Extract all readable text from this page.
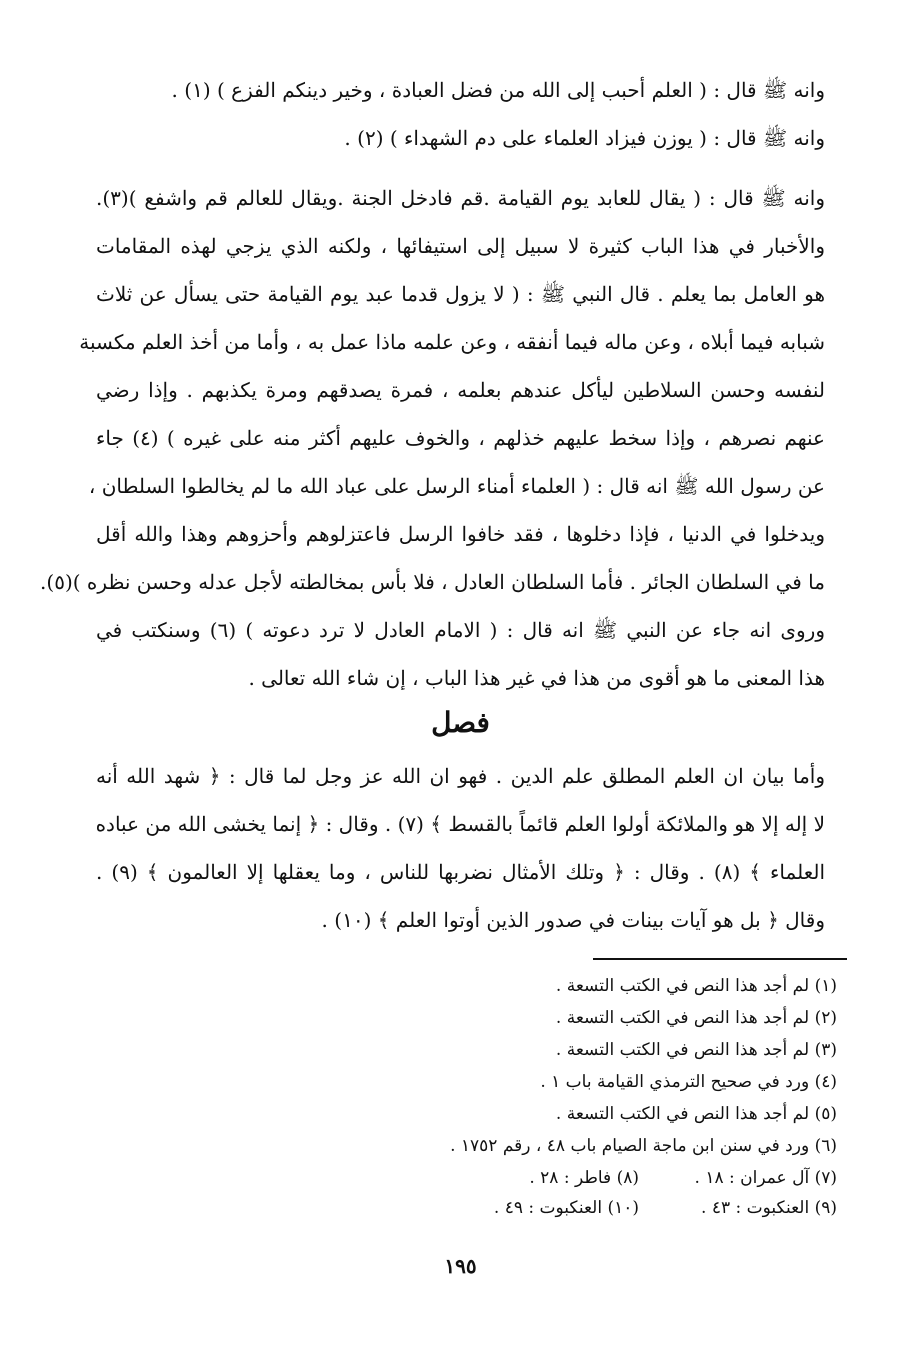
وانه ﷺ قال : ( العلم أحبب إلى الله من فضل العبادة ، وخير دينكم الفزع ) (١) .
وانه ﷺ قال : ( يوزن فيزاد العلماء على دم الشهداء ) (٢) .
وانه ﷺ قال : ( يقال للعابد يوم القيامة .قم فادخل الجنة .ويقال للعالم قم واشفع )(٣).
والأخبار في هذا الباب كثيرة لا سبيل إلى استيفائها ، ولكنه الذي يزجي لهذه المقامات
هو العامل بما يعلم . قال النبي ﷺ : ( لا يزول قدما عبد يوم القيامة حتى يسأل عن ثلاث
شبابه فيما أبلاه ، وعن ماله فيما أنفقه ، وعن علمه ماذا عمل به ، وأما من أخذ العلم مكسبة
لنفسه وحسن السلاطين ليأكل عندهم بعلمه ، فمرة يصدقهم ومرة يكذبهم . وإذا رضي
عنهم نصرهم ، وإذا سخط عليهم خذلهم ، والخوف عليهم أكثر منه على غيره ) (٤) جاء
عن رسول الله ﷺ انه قال : ( العلماء أمناء الرسل على عباد الله ما لم يخالطوا السلطان ،
ويدخلوا في الدنيا ، فإذا دخلوها ، فقد خافوا الرسل فاعتزلوهم وأحزوهم وهذا والله أقل
ما في السلطان الجائر . فأما السلطان العادل ، فلا بأس بمخالطته لأجل عدله وحسن نظره )(٥).
وروى انه جاء عن النبي ﷺ انه قال : ( الامام العادل لا ترد دعوته ) (٦) وسنكتب في
هذا المعنى ما هو أقوى من هذا في غير هذا الباب ، إن شاء الله تعالى .
فصل
وأما بيان ان العلم المطلق علم الدين . فهو ان الله عز وجل لما قال : ﴿ شهد الله أنه
لا إله إلا هو والملائكة أولوا العلم قائماً بالقسط ﴾ (٧) . وقال : ﴿ إنما يخشى الله من عباده
العلماء ﴾ (٨) . وقال : ﴿ وتلك الأمثال نضربها للناس ، وما يعقلها إلا العالمون ﴾ (٩) .
وقال ﴿ بل هو آيات بينات في صدور الذين أوتوا العلم ﴾ (١٠) .
(١) لم أجد هذا النص في الكتب التسعة .
(٢) لم أجد هذا النص في الكتب التسعة .
(٣) لم أجد هذا النص في الكتب التسعة .
(٤) ورد في صحيح الترمذي القيامة باب ١ .
(٥) لم أجد هذا النص في الكتب التسعة .
(٦) ورد في سنن ابن ماجة الصيام باب ٤٨ ، رقم ١٧٥٢ .
(٧) آل عمران : ١٨ .
(٨) فاطر : ٢٨ .
(٩) العنكبوت : ٤٣ .
(١٠) العنكبوت : ٤٩ .
١٩٥
